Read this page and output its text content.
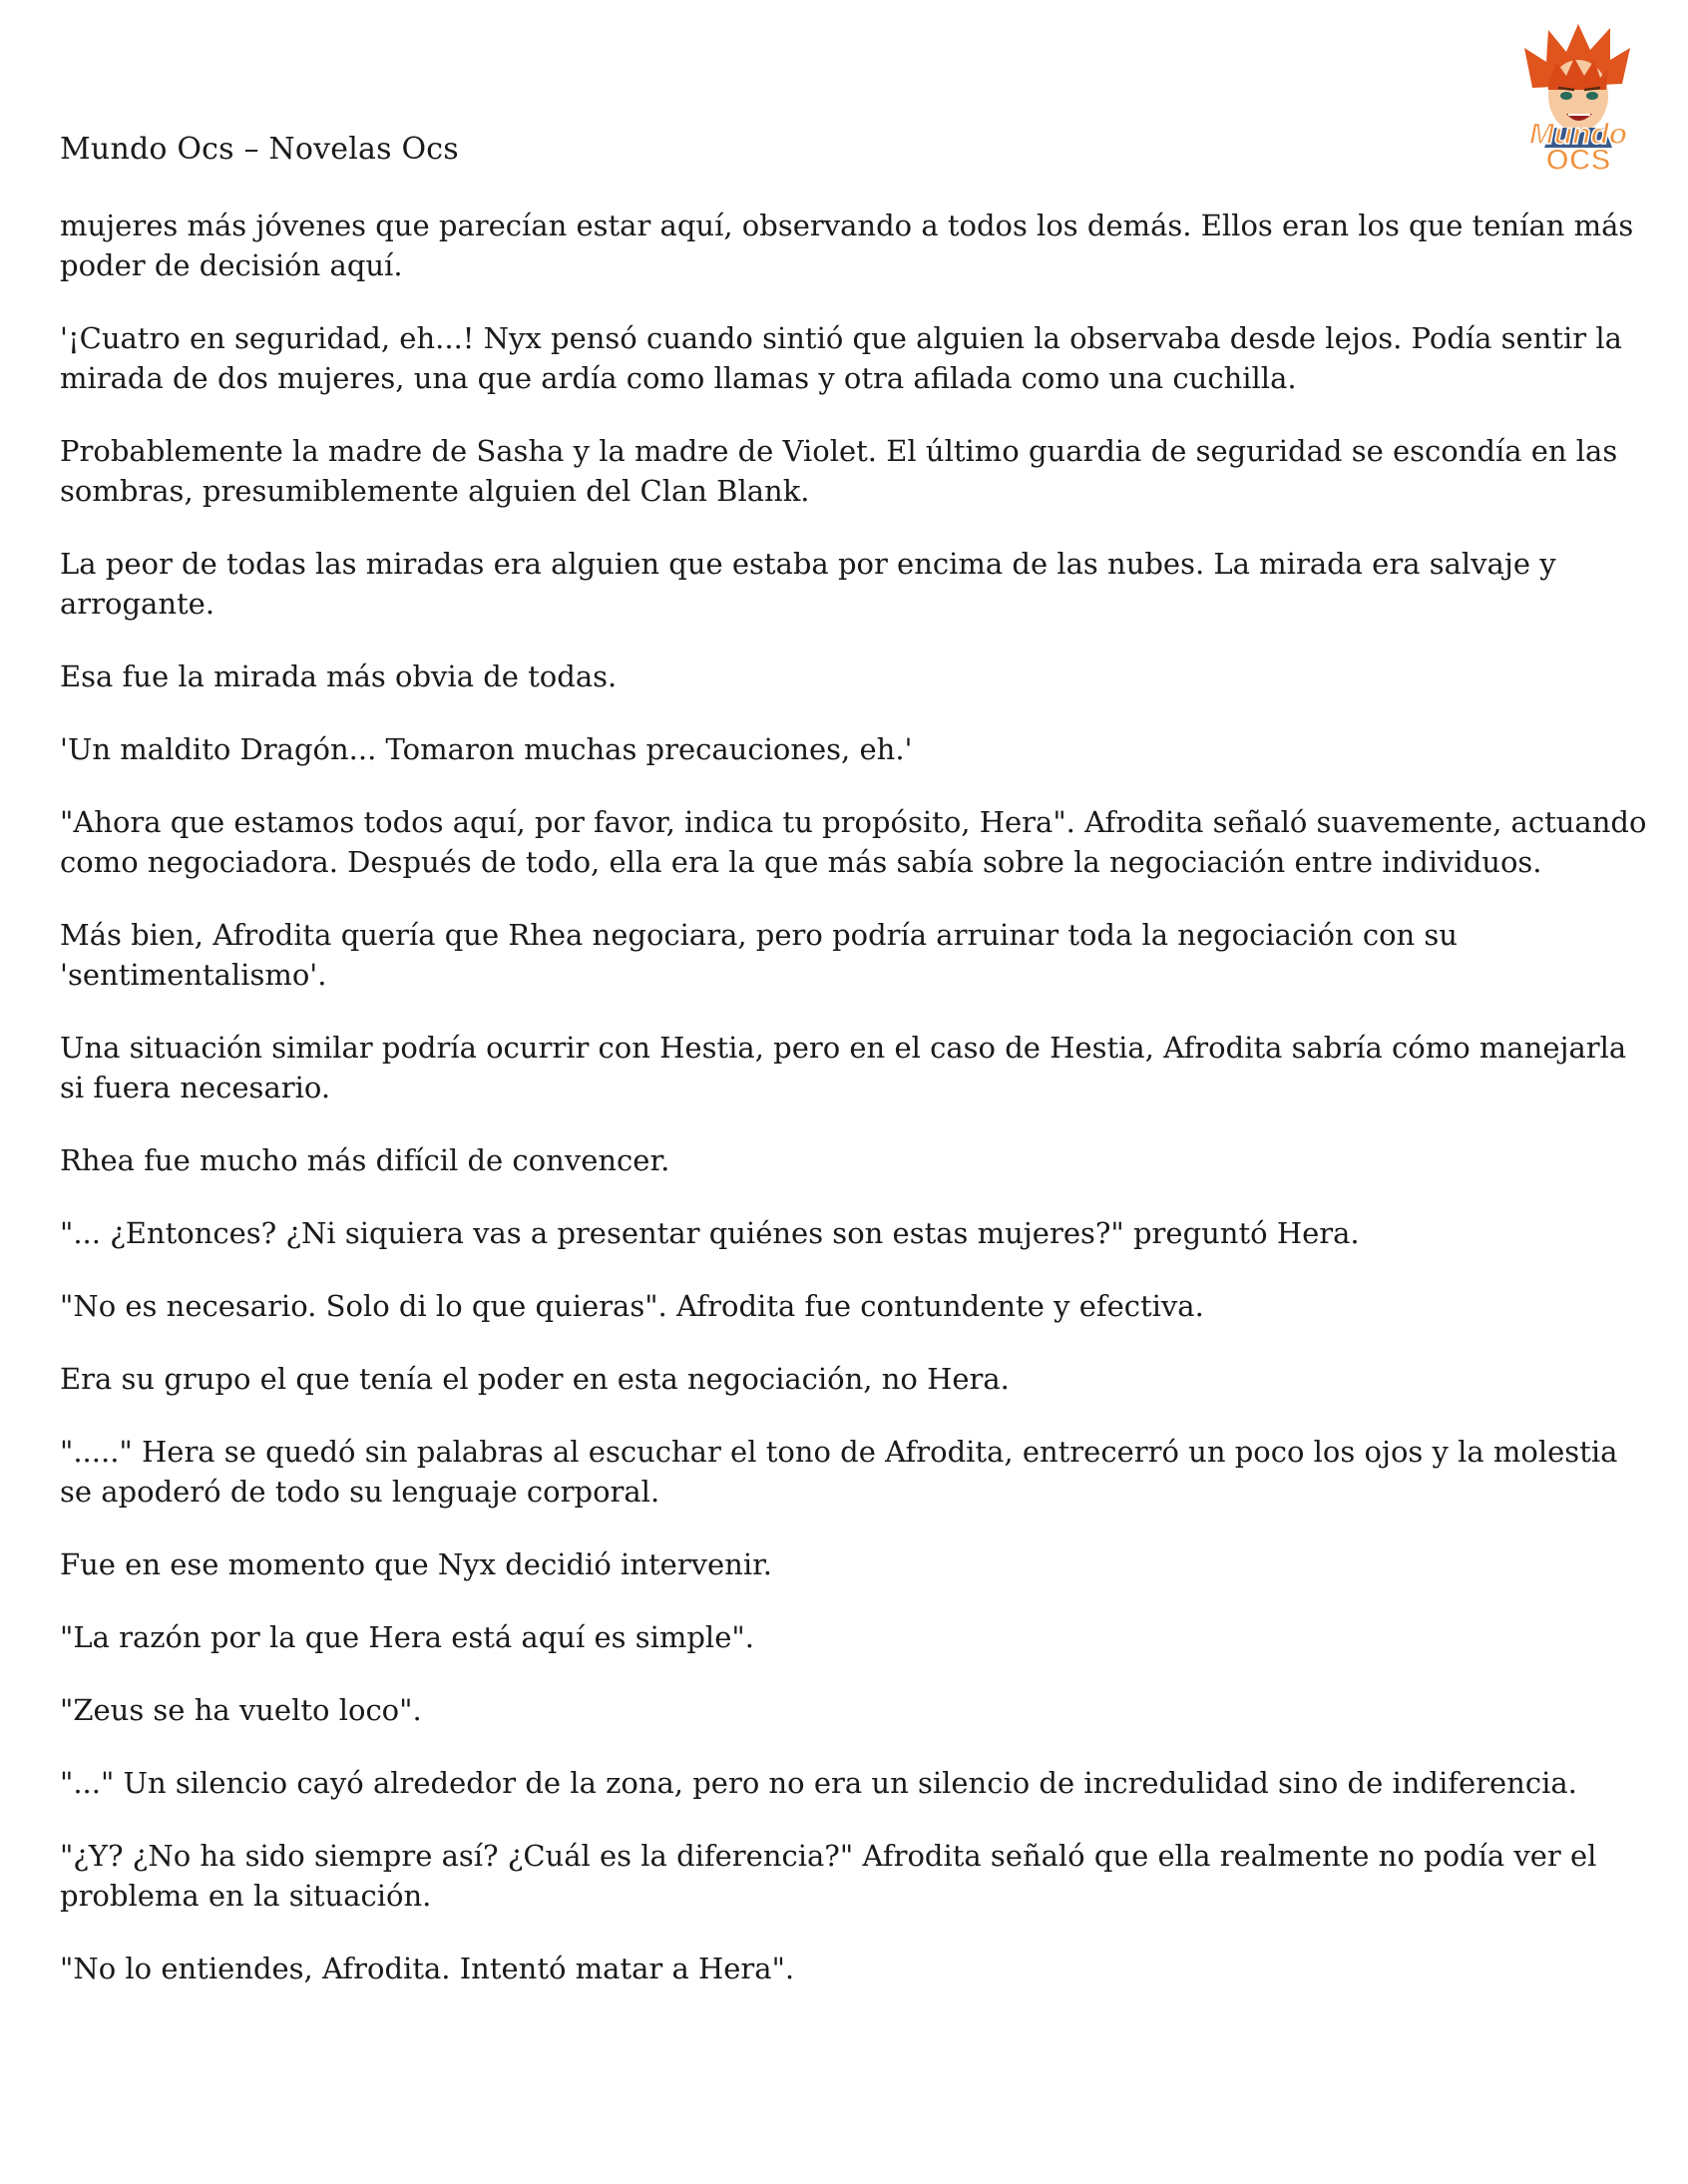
Mundo Ocs – Novelas Ocs	Mundo
OCS

mujeres más jóvenes que parecían estar aquí, observando a todos los demás. Ellos eran los que tenían más poder de decisión aquí.

'¡Cuatro en seguridad, eh...! Nyx pensó cuando sintió que alguien la observaba desde lejos. Podía sentir la mirada de dos mujeres, una que ardía como llamas y otra afilada como una cuchilla.

Probablemente la madre de Sasha y la madre de Violet. El último guardia de seguridad se escondía en las sombras, presumiblemente alguien del Clan Blank.

La peor de todas las miradas era alguien que estaba por encima de las nubes. La mirada era salvaje y arrogante.

Esa fue la mirada más obvia de todas.

'Un maldito Dragón... Tomaron muchas precauciones, eh.'

"Ahora que estamos todos aquí, por favor, indica tu propósito, Hera". Afrodita señaló suavemente, actuando como negociadora. Después de todo, ella era la que más sabía sobre la negociación entre individuos.

Más bien, Afrodita quería que Rhea negociara, pero podría arruinar toda la negociación con su 'sentimentalismo'.

Una situación similar podría ocurrir con Hestia, pero en el caso de Hestia, Afrodita sabría cómo manejarla si fuera necesario.

Rhea fue mucho más difícil de convencer.

"... ¿Entonces? ¿Ni siquiera vas a presentar quiénes son estas mujeres?" preguntó Hera.

"No es necesario. Solo di lo que quieras". Afrodita fue contundente y efectiva.

Era su grupo el que tenía el poder en esta negociación, no Hera.

"....." Hera se quedó sin palabras al escuchar el tono de Afrodita, entrecerró un poco los ojos y la molestia se apoderó de todo su lenguaje corporal.

Fue en ese momento que Nyx decidió intervenir.

"La razón por la que Hera está aquí es simple".

"Zeus se ha vuelto loco".

"..." Un silencio cayó alrededor de la zona, pero no era un silencio de incredulidad sino de indiferencia.

"¿Y? ¿No ha sido siempre así? ¿Cuál es la diferencia?" Afrodita señaló que ella realmente no podía ver el problema en la situación.

"No lo entiendes, Afrodita. Intentó matar a Hera".
